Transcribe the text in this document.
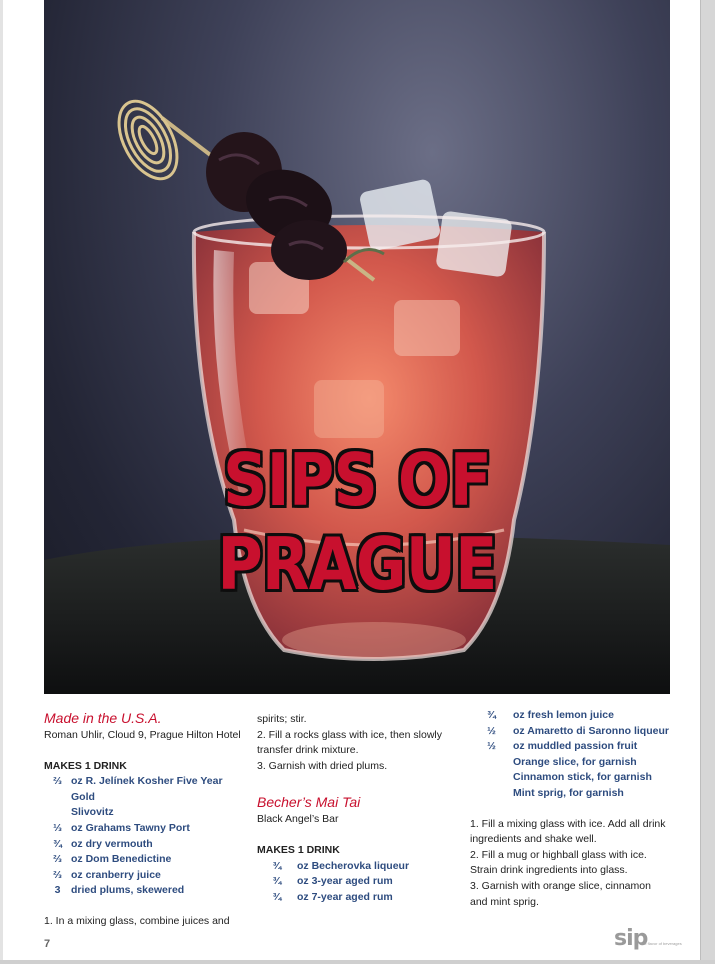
SIPS OF PRAGUE
Made in the U.S.A.

Roman Uhlir, Cloud 9, Prague Hilton Hotel

MAKES 1 DRINK

⅔ oz R. Jelínek Kosher Five Year Gold
Slivovitz
⅓ oz Grahams Tawny Port
¾ oz dry vermouth
⅔ oz Dom Benedictine
⅔ oz cranberry juice
3	dried plums, skewered

1. In a mixing glass, combine juices and

spirits; stir.

2. Fill a rocks glass with ice, then slowly transfer drink mixture.

3. Garnish with dried plums.

Becher’s Mai Tai

Black Angel’s Bar

MAKES 1 DRINK

¾	oz Becherovka liqueur
¾	oz 3-year aged rum
¾	oz 7-year aged rum
¾	oz fresh lemon juice
½	oz Amaretto di Saronno liqueur
½	oz muddled passion fruit
Orange slice, for garnish
Cinnamon stick, for garnish
Mint sprig, for garnish

1. Fill a mixing glass with ice. Add all drink ingredients and shake well.

2. Fill a mug or highball glass with ice. Strain drink ingredients into glass.

3. Garnish with orange slice, cinnamon and mint sprig.

7	sip
the flavor of beverages
